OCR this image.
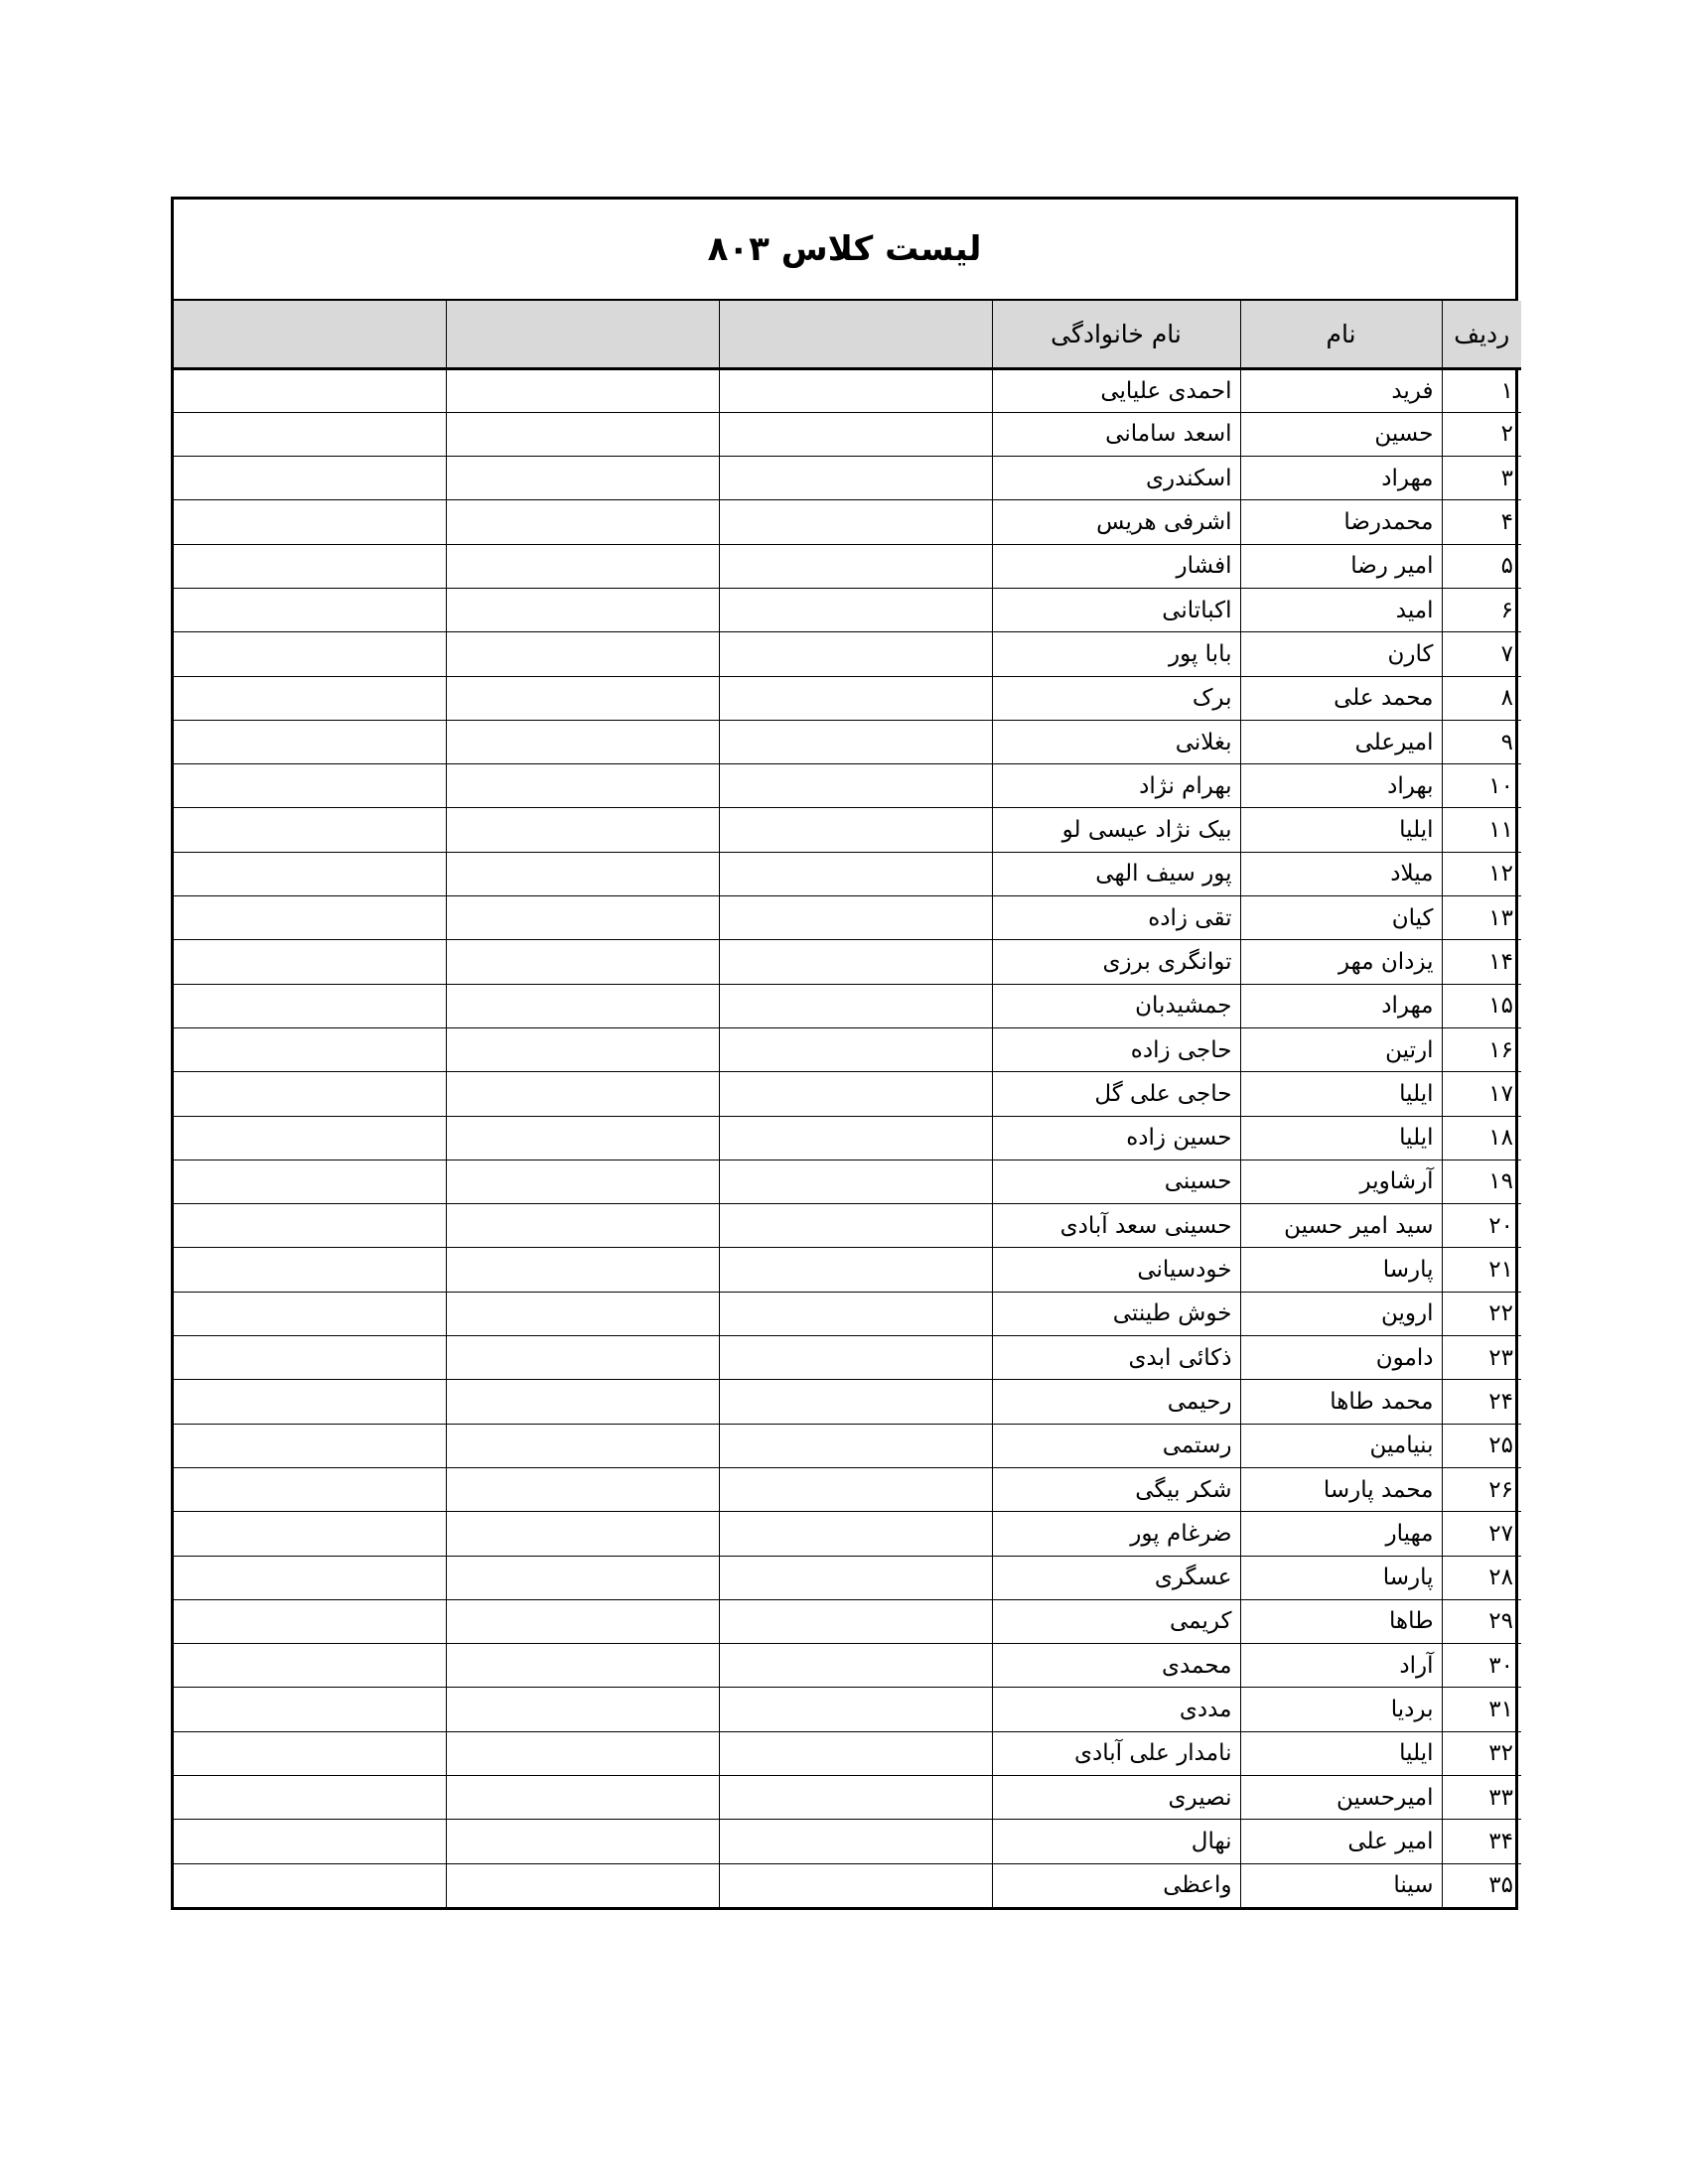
لیست کلاس ۸۰۳
ردیف	نام	نام خانوادگی			
۱	فرید	احمدی علیایی			
۲	حسین	اسعد سامانی			
۳	مهراد	اسکندری			
۴	محمدرضا	اشرفی هریس			
۵	امیر رضا	افشار			
۶	امید	اکباتانی			
۷	کارن	بابا پور			
۸	محمد علی	برک			
۹	امیرعلی	بغلانی			
۱۰	بهراد	بهرام نژاد			
۱۱	ایلیا	بیک نژاد عیسی لو			
۱۲	میلاد	پور سیف الهی			
۱۳	کیان	تقی زاده			
۱۴	یزدان مهر	توانگری برزی			
۱۵	مهراد	جمشیدبان			
۱۶	ارتین	حاجی زاده			
۱۷	ایلیا	حاجی علی گل			
۱۸	ایلیا	حسین زاده			
۱۹	آرشاویر	حسینی			
۲۰	سید امیر حسین	حسینی سعد آبادی			
۲۱	پارسا	خودسیانی			
۲۲	اروین	خوش طینتی			
۲۳	دامون	ذکائی ابدی			
۲۴	محمد طاها	رحیمی			
۲۵	بنیامین	رستمی			
۲۶	محمد پارسا	شکر بیگی			
۲۷	مهیار	ضرغام پور			
۲۸	پارسا	عسگری			
۲۹	طاها	کریمی			
۳۰	آراد	محمدی			
۳۱	بردیا	مددی			
۳۲	ایلیا	نامدار علی آبادی			
۳۳	امیرحسین	نصیری			
۳۴	امیر علی	نهال			
۳۵	سینا	واعظی			
